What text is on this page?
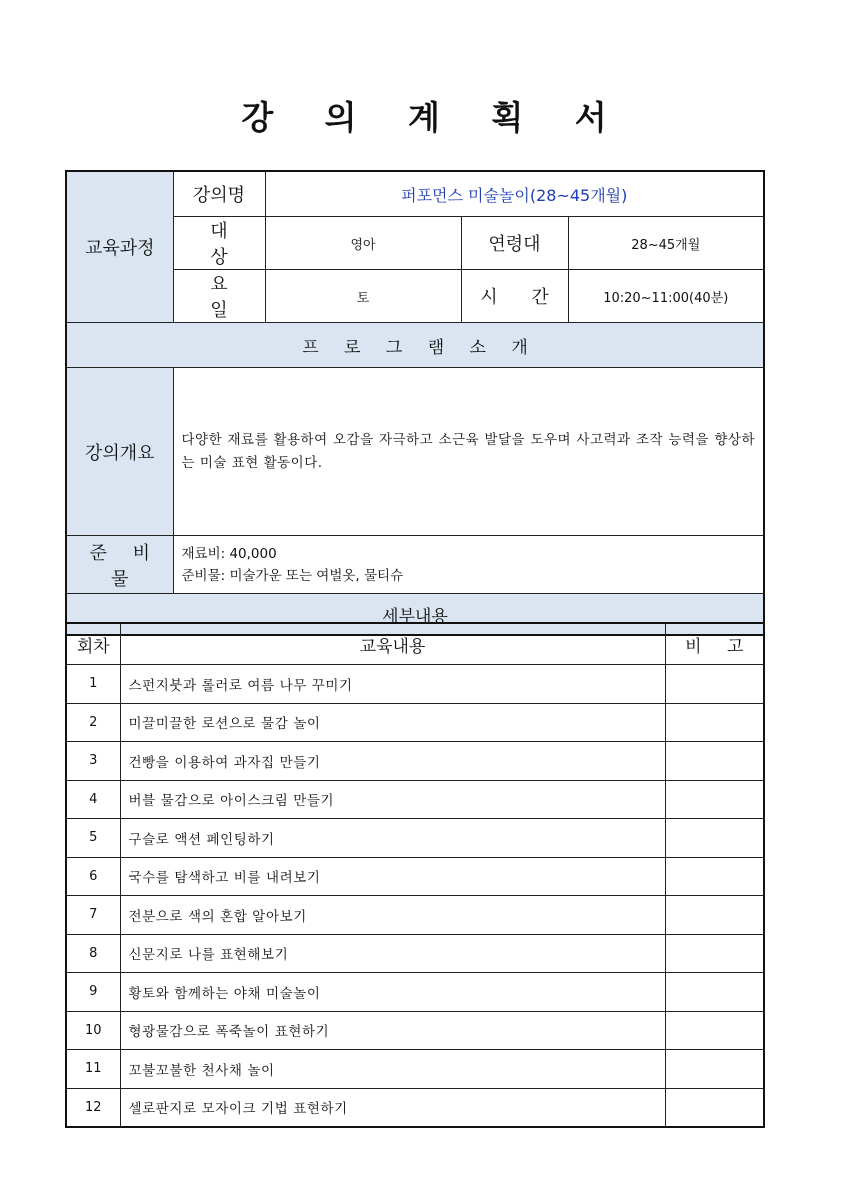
강 의 계 획 서
교육과정	강의명	퍼포먼스 미술놀이(28~45개월)		
	대 상	영아	연령대	28~45개월
	요 일	토	시 간	10:20~11:00(40분)
프 로 그 램 소 개				
강의개요	다양한 재료를 활용하여 오감을 자극하고 소근육 발달을 도우며 사고력과 조작 능력을 향상하는 미술 표현 활동이다.			
준 비 물	재료비: 40,000
준비물: 미술가운 또는 여벌옷, 물티슈			

세부내용				
회차	교육내용	비 고
1	스펀지붓과 롤러로 여름 나무 꾸미기	
2	미끌미끌한 로션으로 물감 놀이	
3	건빵을 이용하여 과자집 만들기	
4	버블 물감으로 아이스크림 만들기	
5	구슬로 액션 페인팅하기	
6	국수를 탐색하고 비를 내려보기	
7	전분으로 색의 혼합 알아보기	
8	신문지로 나를 표현해보기	
9	황토와 함께하는 야채 미술놀이	
10	형광물감으로 폭죽놀이 표현하기	
11	꼬불꼬불한 천사채 놀이	
12	셀로판지로 모자이크 기법 표현하기	
